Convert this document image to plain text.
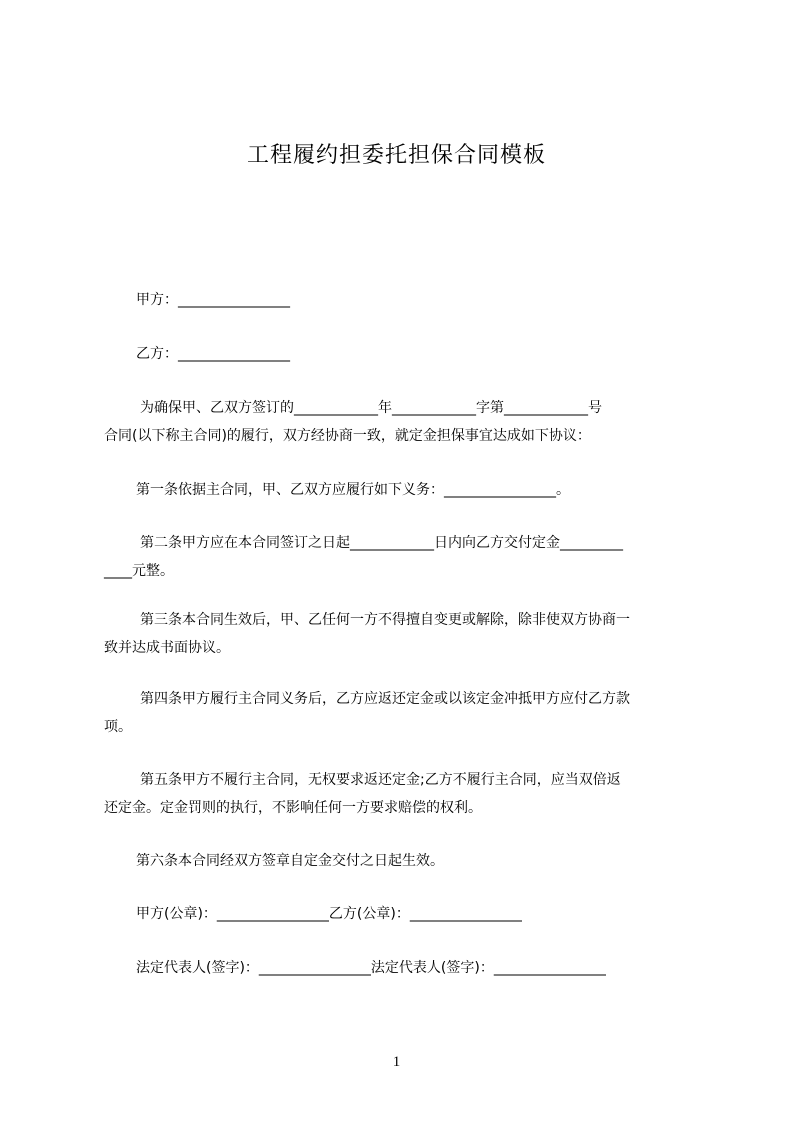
工程履约担委托担保合同模板
甲方：________________
乙方：________________
为确保甲、乙双方签订的____________年____________字第____________号
合同(以下称主合同)的履行，双方经协商一致，就定金担保事宜达成如下协议：
第一条依据主合同，甲、乙双方应履行如下义务：________________。
第二条甲方应在本合同签订之日起____________日内向乙方交付定金_________
____元整。
第三条本合同生效后，甲、乙任何一方不得擅自变更或解除，除非使双方协商一
致并达成书面协议。
第四条甲方履行主合同义务后，乙方应返还定金或以该定金冲抵甲方应付乙方款
项。
第五条甲方不履行主合同，无权要求返还定金;乙方不履行主合同，应当双倍返
还定金。定金罚则的执行，不影响任何一方要求赔偿的权利。
第六条本合同经双方签章自定金交付之日起生效。
甲方(公章)：________________乙方(公章)：________________
法定代表人(签字)：________________法定代表人(签字)：________________
1
